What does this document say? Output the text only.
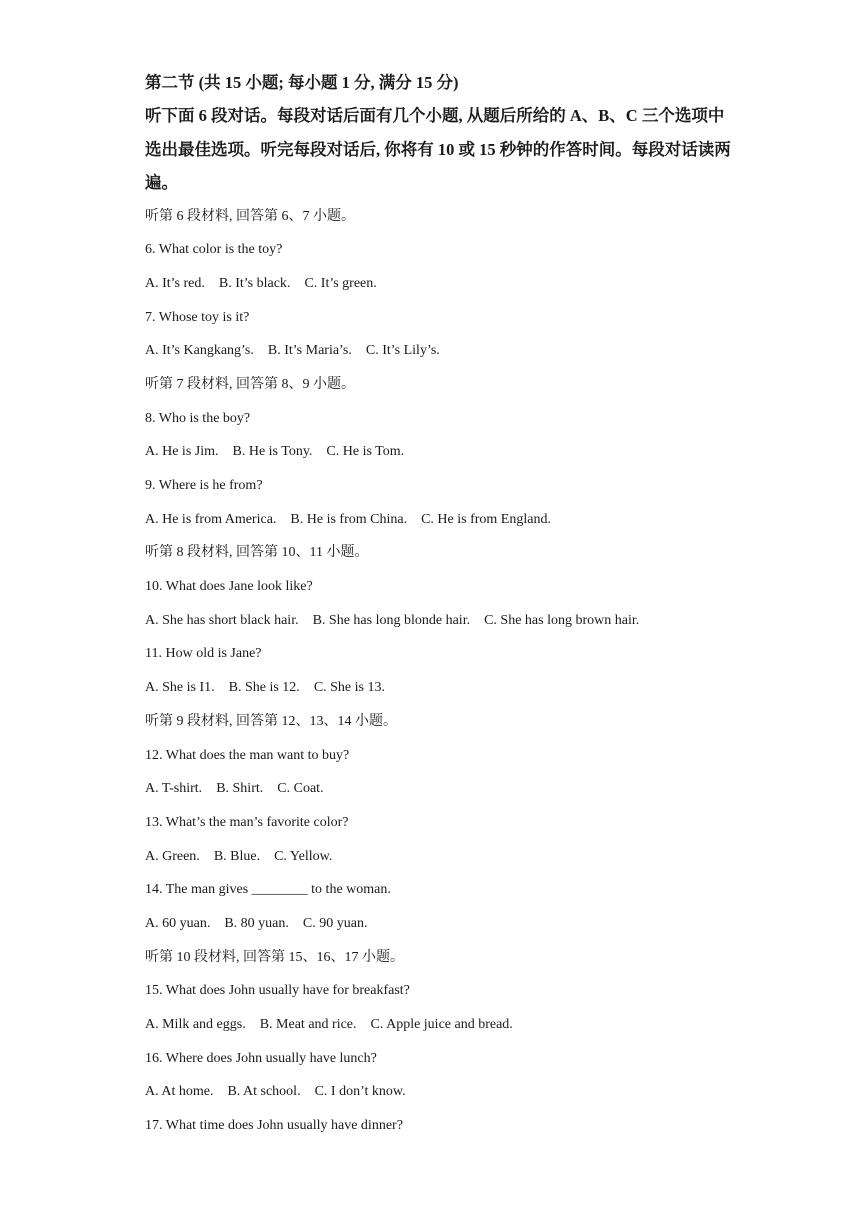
第二节 (共 15 小题; 每小题 1 分, 满分 15 分)

听下面 6 段对话。每段对话后面有几个小题, 从题后所给的 A、B、C 三个选项中选出最佳选项。听完每段对话后, 你将有 10 或 15 秒钟的作答时间。每段对话读两遍。

听第 6 段材料, 回答第 6、7 小题。

6. What color is the toy?

A. It’s red. B. It’s black. C. It’s green.

7. Whose toy is it?

A. It’s Kangkang’s. B. It’s Maria’s. C. It’s Lily’s.

听第 7 段材料, 回答第 8、9 小题。

8. Who is the boy?

A. He is Jim. B. He is Tony. C. He is Tom.

9. Where is he from?

A. He is from America. B. He is from China. C. He is from England.

听第 8 段材料, 回答第 10、11 小题。

10. What does Jane look like?

A. She has short black hair. B. She has long blonde hair. C. She has long brown hair.

11. How old is Jane?

A. She is I1. B. She is 12. C. She is 13.

听第 9 段材料, 回答第 12、13、14 小题。

12. What does the man want to buy?

A. T-shirt. B. Shirt. C. Coat.

13. What’s the man’s favorite color?

A. Green. B. Blue. C. Yellow.

14. The man gives ________ to the woman.

A. 60 yuan. B. 80 yuan. C. 90 yuan.

听第 10 段材料, 回答第 15、16、17 小题。

15. What does John usually have for breakfast?

A. Milk and eggs. B. Meat and rice. C. Apple juice and bread.

16. Where does John usually have lunch?

A. At home. B. At school. C. I don’t know.

17. What time does John usually have dinner?
